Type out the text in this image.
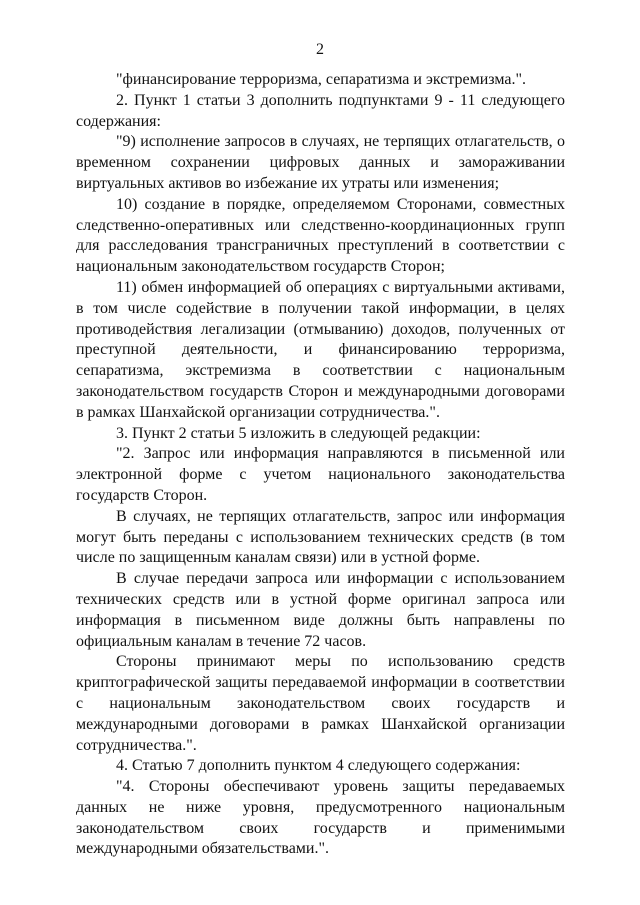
2

"финансирование терроризма, сепаратизма и экстремизма.".

2. Пункт 1 статьи 3 дополнить подпунктами 9 - 11 следующего содержания:

"9) исполнение запросов в случаях, не терпящих отлагательств, о временном сохранении цифровых данных и замораживании виртуальных активов во избежание их утраты или изменения;

10) создание в порядке, определяемом Сторонами, совместных следственно-оперативных или следственно-координационных групп для расследования трансграничных преступлений в соответствии с национальным законодательством государств Сторон;

11) обмен информацией об операциях с виртуальными активами, в том числе содействие в получении такой информации, в целях противодействия легализации (отмыванию) доходов, полученных от преступной деятельности, и финансированию терроризма, сепаратизма, экстремизма в соответствии с национальным законодательством государств Сторон и международными договорами в рамках Шанхайской организации сотрудничества.".

3. Пункт 2 статьи 5 изложить в следующей редакции:

"2. Запрос или информация направляются в письменной или электронной форме с учетом национального законодательства государств Сторон.

В случаях, не терпящих отлагательств, запрос или информация могут быть переданы с использованием технических средств (в том числе по защищенным каналам связи) или в устной форме.

В случае передачи запроса или информации с использованием технических средств или в устной форме оригинал запроса или информация в письменном виде должны быть направлены по официальным каналам в течение 72 часов.

Стороны принимают меры по использованию средств криптографической защиты передаваемой информации в соответствии с национальным законодательством своих государств и международными договорами в рамках Шанхайской организации сотрудничества.".

4. Статью 7 дополнить пунктом 4 следующего содержания:

"4. Стороны обеспечивают уровень защиты передаваемых данных не ниже уровня, предусмотренного национальным законодательством своих государств и применимыми международными обязательствами.".
